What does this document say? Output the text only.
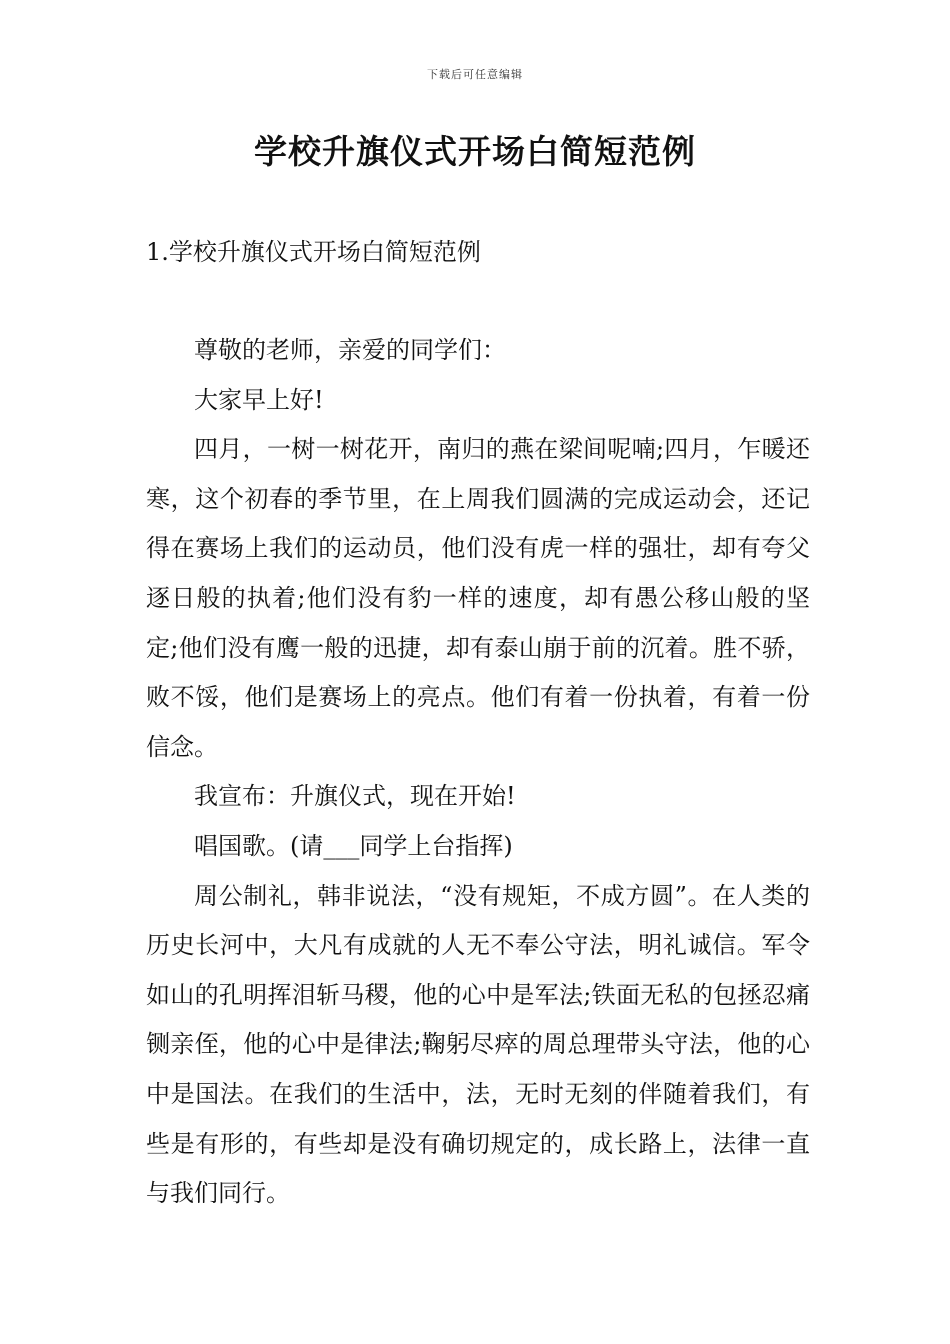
下载后可任意编辑
学校升旗仪式开场白简短范例
1.学校升旗仪式开场白简短范例

尊敬的老师，亲爱的同学们：

大家早上好!

四月，一树一树花开，南归的燕在梁间呢喃;四月，乍暖还寒，这个初春的季节里，在上周我们圆满的完成运动会，还记得在赛场上我们的运动员，他们没有虎一样的强壮，却有夸父逐日般的执着;他们没有豹一样的速度，却有愚公移山般的坚定;他们没有鹰一般的迅捷，却有泰山崩于前的沉着。胜不骄，败不馁，他们是赛场上的亮点。他们有着一份执着，有着一份信念。

我宣布：升旗仪式，现在开始!

唱国歌。(请___同学上台指挥)

周公制礼，韩非说法，“没有规矩，不成方圆”。在人类的历史长河中，大凡有成就的人无不奉公守法，明礼诚信。军令如山的孔明挥泪斩马稷，他的心中是军法;铁面无私的包拯忍痛铡亲侄，他的心中是律法;鞠躬尽瘁的周总理带头守法，他的心中是国法。在我们的生活中，法，无时无刻的伴随着我们，有些是有形的，有些却是没有确切规定的，成长路上，法律一直与我们同行。
